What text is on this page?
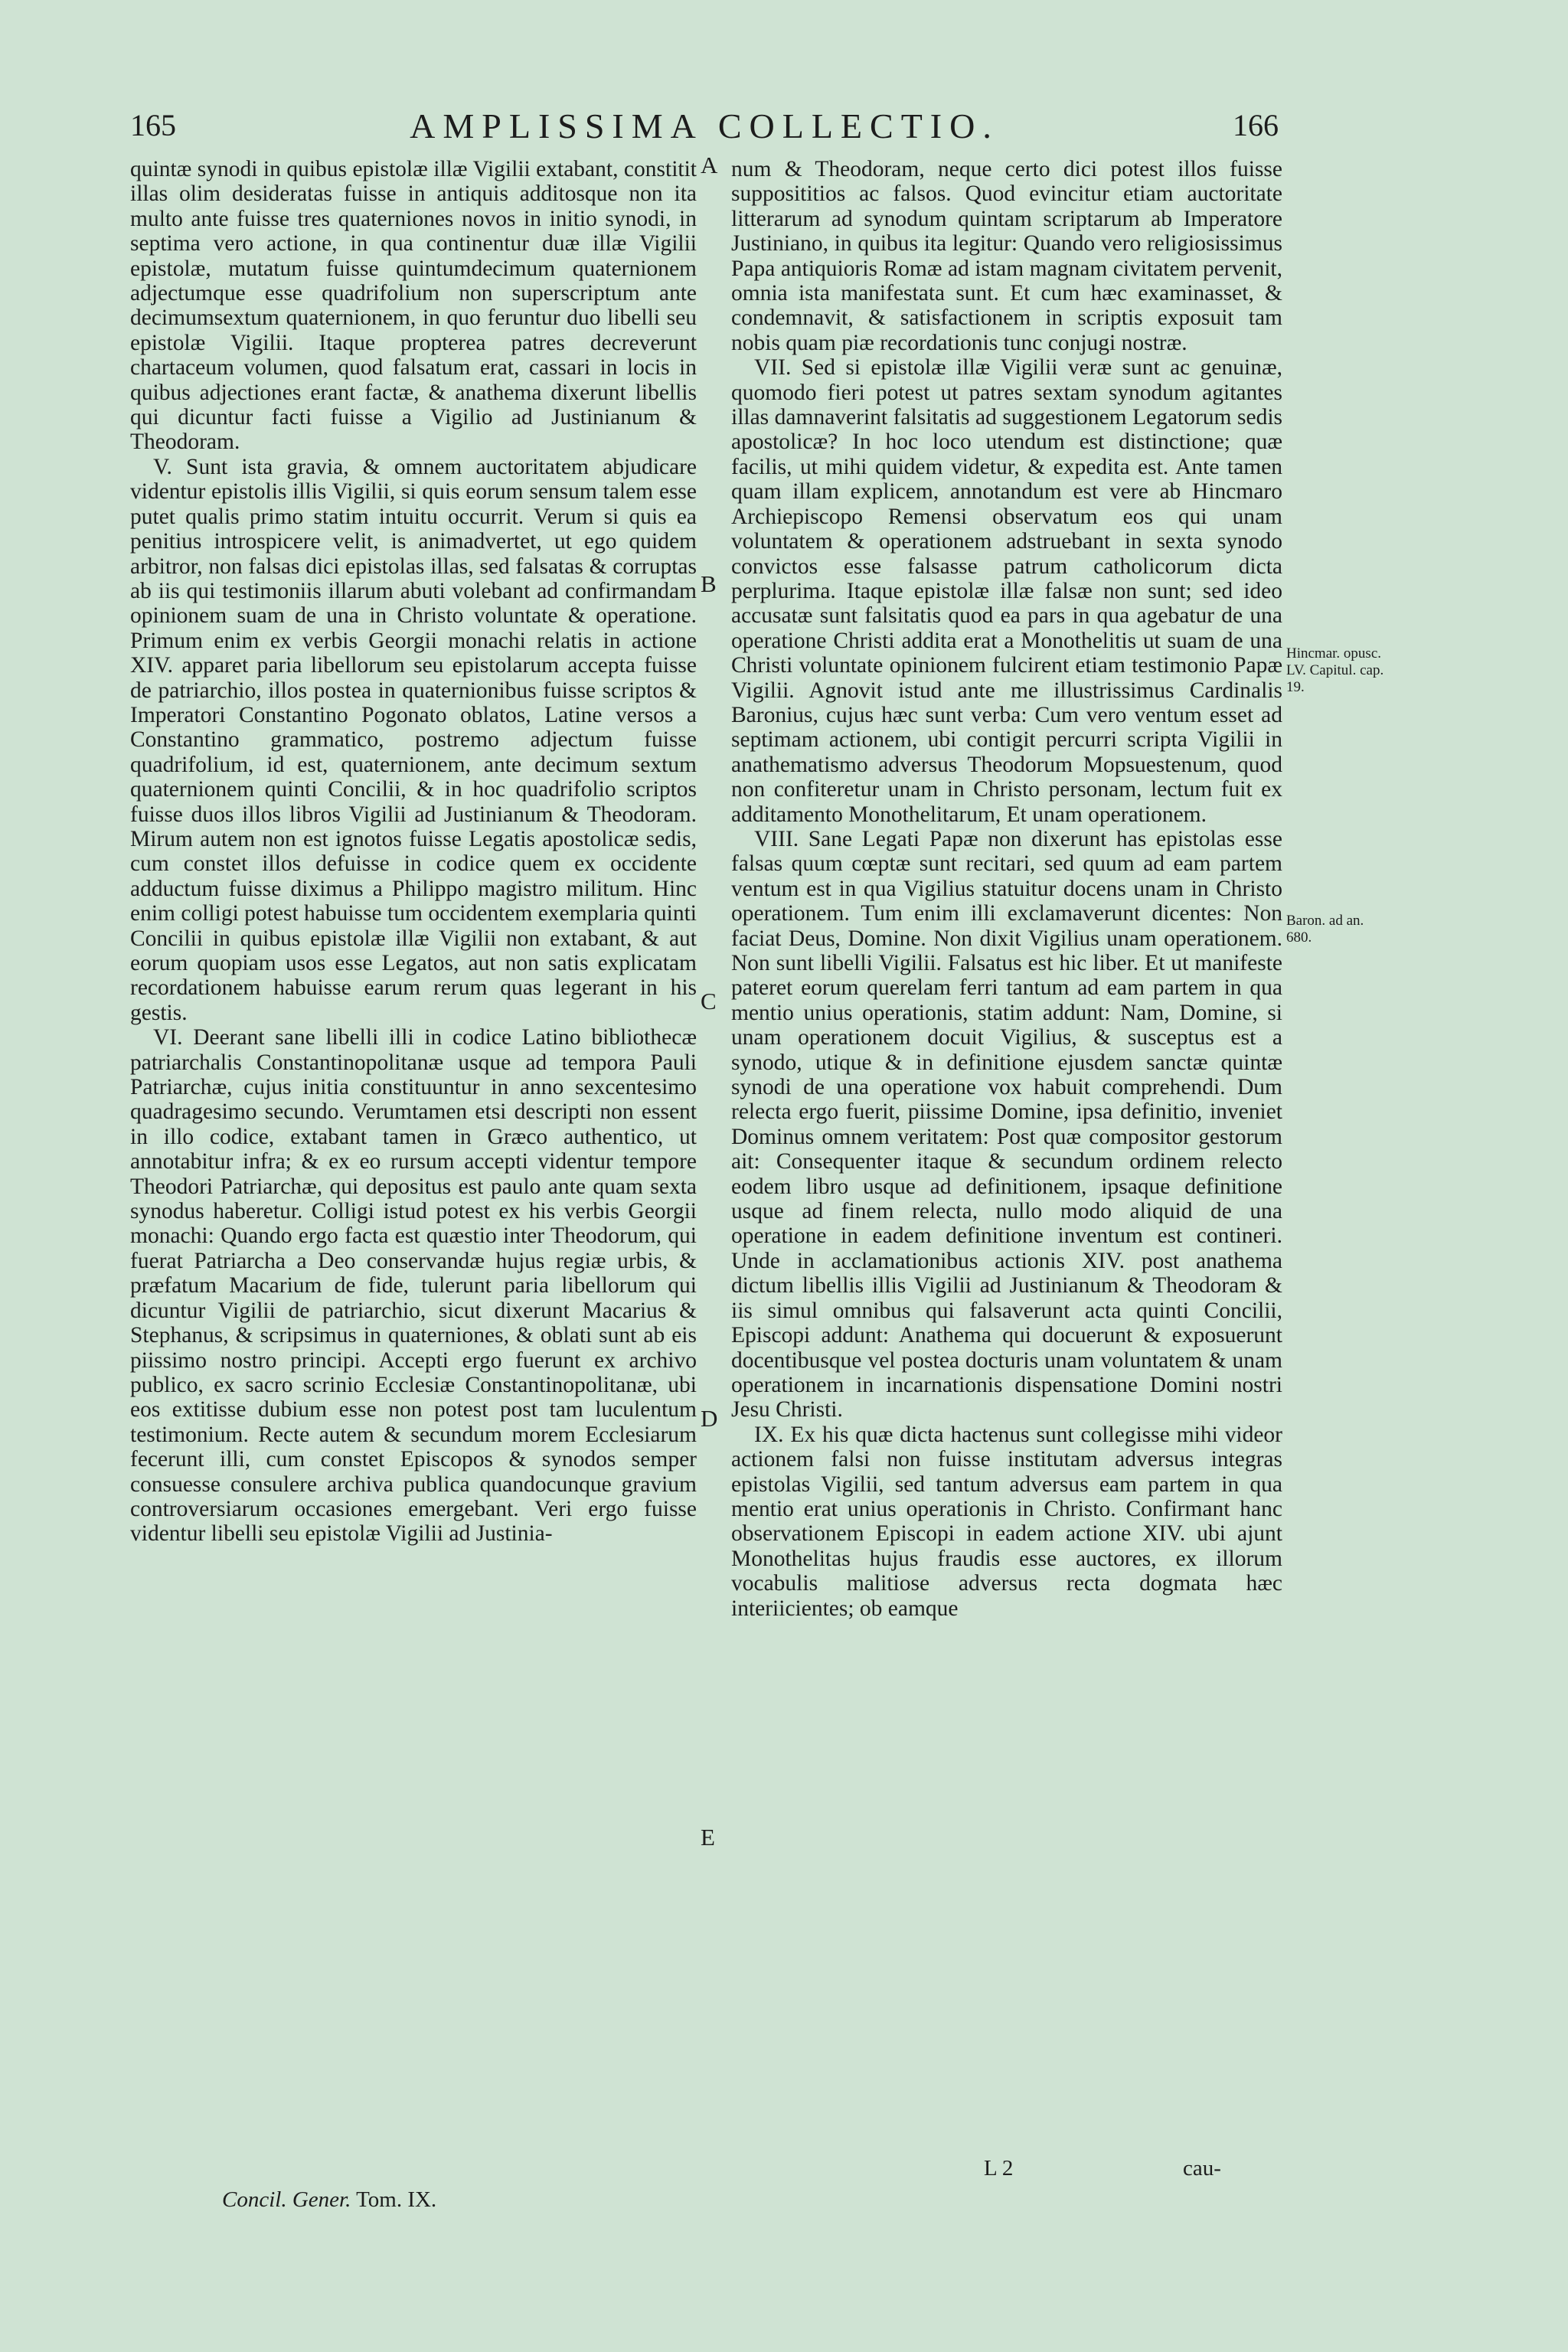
165	AMPLISSIMA COLLECTIO.	166

quintæ synodi in quibus epistolæ illæ Vigilii extabant, constitit illas olim desideratas fuisse in antiquis additosque non ita multo ante fuisse tres quaterniones novos in initio synodi, in septima vero actione, in qua continentur duæ illæ Vigilii epistolæ, mutatum fuisse quintumdecimum quaternionem adjectumque esse quadrifolium non superscriptum ante decimumsextum quaternionem, in quo feruntur duo libelli seu epistolæ Vigilii. Itaque propterea patres decreverunt chartaceum volumen, quod falsatum erat, cassari in locis in quibus adjectiones erant factæ, & anathema dixerunt libellis qui dicuntur facti fuisse a Vigilio ad Justinianum & Theodoram.

V. Sunt ista gravia, & omnem auctoritatem abjudicare videntur epistolis illis Vigilii, si quis eorum sensum talem esse putet qualis primo statim intuitu occurrit. Verum si quis ea penitius introspicere velit, is animadvertet, ut ego quidem arbitror, non falsas dici epistolas illas, sed falsatas & corruptas ab iis qui testimoniis illarum abuti volebant ad confirmandam opinionem suam de una in Christo voluntate & operatione. Primum enim ex verbis Georgii monachi relatis in actione XIV. apparet paria libellorum seu epistolarum accepta fuisse de patriarchio, illos postea in quaternionibus fuisse scriptos & Imperatori Constantino Pogonato oblatos, Latine versos a Constantino grammatico, postremo adjectum fuisse quadrifolium, id est, quaternionem, ante decimum sextum quaternionem quinti Concilii, & in hoc quadrifolio scriptos fuisse duos illos libros Vigilii ad Justinianum & Theodoram. Mirum autem non est ignotos fuisse Legatis apostolicæ sedis, cum constet illos defuisse in codice quem ex occidente adductum fuisse diximus a Philippo magistro militum. Hinc enim colligi potest habuisse tum occidentem exemplaria quinti Concilii in quibus epistolæ illæ Vigilii non extabant, & aut eorum quopiam usos esse Legatos, aut non satis explicatam recordationem habuisse earum rerum quas legerant in his gestis.

VI. Deerant sane libelli illi in codice Latino bibliothecæ patriarchalis Constantinopolitanæ usque ad tempora Pauli Patriarchæ, cujus initia constituuntur in anno sexcentesimo quadragesimo secundo. Verumtamen etsi descripti non essent in illo codice, extabant tamen in Græco authentico, ut annotabitur infra; & ex eo rursum accepti videntur tempore Theodori Patriarchæ, qui depositus est paulo ante quam sexta synodus haberetur. Colligi istud potest ex his verbis Georgii monachi: Quando ergo facta est quæstio inter Theodorum, qui fuerat Patriarcha a Deo conservandæ hujus regiæ urbis, & præfatum Macarium de fide, tulerunt paria libellorum qui dicuntur Vigilii de patriarchio, sicut dixerunt Macarius & Stephanus, & scripsimus in quaterniones, & oblati sunt ab eis piissimo nostro principi. Accepti ergo fuerunt ex archivo publico, ex sacro scrinio Ecclesiæ Constantinopolitanæ, ubi eos extitisse dubium esse non potest post tam luculentum testimonium. Recte autem & secundum morem Ecclesiarum fecerunt illi, cum constet Episcopos & synodos semper consuesse consulere archiva publica quandocunque gravium controversiarum occasiones emergebant. Veri ergo fuisse videntur libelli seu epistolæ Vigilii ad Justinia-

num & Theodoram, neque certo dici potest illos fuisse supposititios ac falsos. Quod evincitur etiam auctoritate litterarum ad synodum quintam scriptarum ab Imperatore Justiniano, in quibus ita legitur: Quando vero religiosissimus Papa antiquioris Romæ ad istam magnam civitatem pervenit, omnia ista manifestata sunt. Et cum hæc examinasset, & condemnavit, & satisfactionem in scriptis exposuit tam nobis quam piæ recordationis tunc conjugi nostræ.

VII. Sed si epistolæ illæ Vigilii veræ sunt ac genuinæ, quomodo fieri potest ut patres sextam synodum agitantes illas damnaverint falsitatis ad suggestionem Legatorum sedis apostolicæ? In hoc loco utendum est distinctione; quæ facilis, ut mihi quidem videtur, & expedita est. Ante tamen quam illam explicem, annotandum est vere ab Hincmaro Archiepiscopo Remensi observatum eos qui unam voluntatem & operationem adstruebant in sexta synodo convictos esse falsasse patrum catholicorum dicta perplurima. Itaque epistolæ illæ falsæ non sunt; sed ideo accusatæ sunt falsitatis quod ea pars in qua agebatur de una operatione Christi addita erat a Monothelitis ut suam de una Christi voluntate opinionem fulcirent etiam testimonio Papæ Vigilii. Agnovit istud ante me illustrissimus Cardinalis Baronius, cujus hæc sunt verba: Cum vero ventum esset ad septimam actionem, ubi contigit percurri scripta Vigilii in anathematismo adversus Theodorum Mopsuestenum, quod non confiteretur unam in Christo personam, lectum fuit ex additamento Monothelitarum, Et unam operationem.

VIII. Sane Legati Papæ non dixerunt has epistolas esse falsas quum cœptæ sunt recitari, sed quum ad eam partem ventum est in qua Vigilius statuitur docens unam in Christo operationem. Tum enim illi exclamaverunt dicentes: Non faciat Deus, Domine. Non dixit Vigilius unam operationem. Non sunt libelli Vigilii. Falsatus est hic liber. Et ut manifeste pateret eorum querelam ferri tantum ad eam partem in qua mentio unius operationis, statim addunt: Nam, Domine, si unam operationem docuit Vigilius, & susceptus est a synodo, utique & in definitione ejusdem sanctæ quintæ synodi de una operatione vox habuit comprehendi. Dum relecta ergo fuerit, piissime Domine, ipsa definitio, inveniet Dominus omnem veritatem: Post quæ compositor gestorum ait: Consequenter itaque & secundum ordinem relecto eodem libro usque ad definitionem, ipsaque definitione usque ad finem relecta, nullo modo aliquid de una operatione in eadem definitione inventum est contineri. Unde in acclamationibus actionis XIV. post anathema dictum libellis illis Vigilii ad Justinianum & Theodoram & iis simul omnibus qui falsaverunt acta quinti Concilii, Episcopi addunt: Anathema qui docuerunt & exposuerunt docentibusque vel postea docturis unam voluntatem & unam operationem in incarnationis dispensatione Domini nostri Jesu Christi.

IX. Ex his quæ dicta hactenus sunt collegisse mihi videor actionem falsi non fuisse institutam adversus integras epistolas Vigilii, sed tantum adversus eam partem in qua mentio erat unius operationis in Christo. Confirmant hanc observationem Episcopi in eadem actione XIV. ubi ajunt Monothelitas hujus fraudis esse auctores, ex illorum vocabulis malitiose adversus recta dogmata hæc interiicientes; ob eamque

A
B
C
D
E
Hincmar. opusc. LV. Capitul. cap. 19.
Baron. ad an. 680.
Concil. Gener. Tom. IX.
L 2	cau-
